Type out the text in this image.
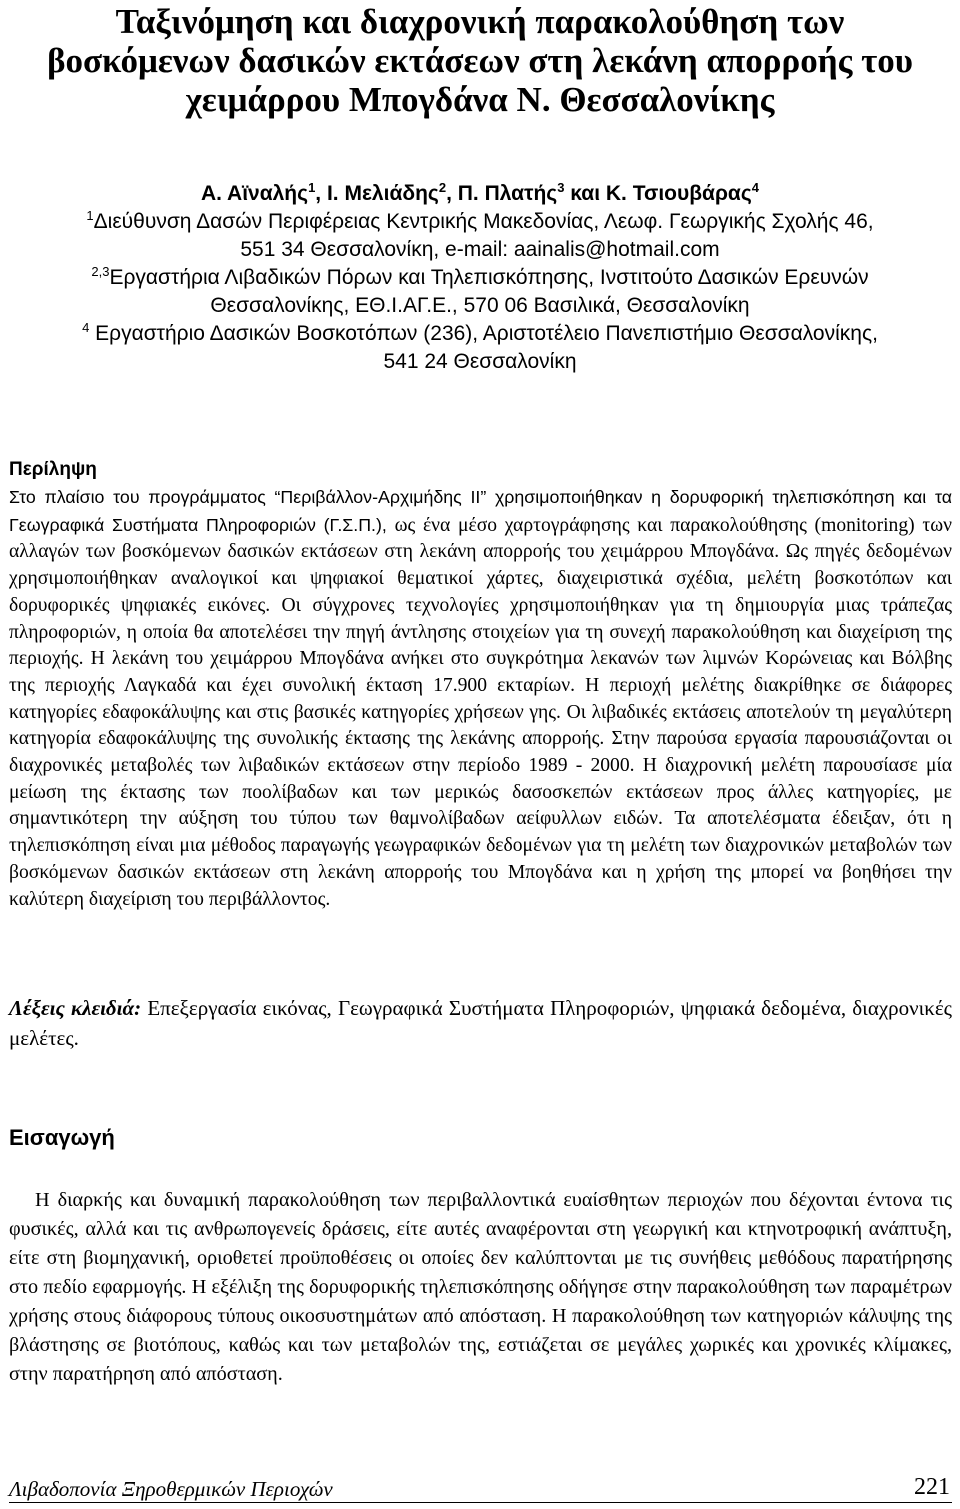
Ταξινόμηση και διαχρονική παρακολούθηση των
βοσκόμενων δασικών εκτάσεων στη λεκάνη απορροής του
χειμάρρου Μπογδάνα Ν. Θεσσαλονίκης
Α. Αϊναλής$^1$, Ι. Μελιάδης$^2$, Π. Πλατής$^3$ και Κ. Τσιουβάρας$^4$
$^1$Διεύθυνση Δασών Περιφέρειας Κεντρικής Μακεδονίας, Λεωφ. Γεωργικής Σχολής 46,
551 34 Θεσσαλονίκη, e-mail: aainalis@hotmail.com
$^{2,3}$Εργαστήρια Λιβαδικών Πόρων και Τηλεπισκόπησης, Ινστιτούτο Δασικών Ερευνών
Θεσσαλονίκης, ΕΘ.Ι.ΑΓ.Ε., 570 06 Βασιλικά, Θεσσαλονίκη
$^4$ Εργαστήριο Δασικών Βοσκοτόπων (236), Αριστοτέλειο Πανεπιστήμιο Θεσσαλονίκης,
541 24 Θεσσαλονίκη
Περίληψη
Στο πλαίσιο του προγράμματος “Περιβάλλον-Αρχιμήδης ΙΙ” χρησιμοποιήθηκαν η δορυφορική τηλεπισκόπηση και τα Γεωγραφικά Συστήματα Πληροφοριών (Γ.Σ.Π.), ως ένα μέσο χαρτογράφησης και παρακολούθησης (monitoring) των αλλαγών των βοσκόμενων δασικών εκτάσεων στη λεκάνη απορροής του χειμάρρου Μπογδάνα. Ως πηγές δεδομένων χρησιμοποιήθηκαν αναλογικοί και ψηφιακοί θεματικοί χάρτες, διαχειριστικά σχέδια, μελέτη βοσκοτόπων και δορυφορικές ψηφιακές εικόνες. Οι σύγχρονες τεχνολογίες χρησιμοποιήθηκαν για τη δημιουργία μιας τράπεζας πληροφοριών, η οποία θα αποτελέσει την πηγή άντλησης στοιχείων για τη συνεχή παρακολούθηση και διαχείριση της περιοχής. Η λεκάνη του χειμάρρου Μπογδάνα ανήκει στο συγκρότημα λεκανών των λιμνών Κορώνειας και Βόλβης της περιοχής Λαγκαδά και έχει συνολική έκταση 17.900 εκταρίων. Η περιοχή μελέτης διακρίθηκε σε διάφορες κατηγορίες εδαφοκάλυψης και στις βασικές κατηγορίες χρήσεων γης. Οι λιβαδικές εκτάσεις αποτελούν τη μεγαλύτερη κατηγορία εδαφοκάλυψης της συνολικής έκτασης της λεκάνης απορροής. Στην παρούσα εργασία παρουσιάζονται οι διαχρονικές μεταβολές των λιβαδικών εκτάσεων στην περίοδο 1989 - 2000. Η διαχρονική μελέτη παρουσίασε μία μείωση της έκτασης των ποολίβαδων και των μερικώς δασοσκεπών εκτάσεων προς άλλες κατηγορίες, με σημαντικότερη την αύξηση του τύπου των θαμνολίβαδων αείφυλλων ειδών. Τα αποτελέσματα έδειξαν, ότι η τηλεπισκόπηση είναι μια μέθοδος παραγωγής γεωγραφικών δεδομένων για τη μελέτη των διαχρονικών μεταβολών των βοσκόμενων δασικών εκτάσεων στη λεκάνη απορροής του Μπογδάνα και η χρήση της μπορεί να βοηθήσει την καλύτερη διαχείριση του περιβάλλοντος.
Λέξεις κλειδιά: Επεξεργασία εικόνας, Γεωγραφικά Συστήματα Πληροφοριών, ψηφιακά δεδομένα, διαχρονικές μελέτες.
Εισαγωγή
Η διαρκής και δυναμική παρακολούθηση των περιβαλλοντικά ευαίσθητων περιοχών που δέχονται έντονα τις φυσικές, αλλά και τις ανθρωπογενείς δράσεις, είτε αυτές αναφέρονται στη γεωργική και κτηνοτροφική ανάπτυξη, είτε στη βιομηχανική, οριοθετεί προϋποθέσεις οι οποίες δεν καλύπτονται με τις συνήθεις μεθόδους παρατήρησης στο πεδίο εφαρμογής. Η εξέλιξη της δορυφορικής τηλεπισκόπησης οδήγησε στην παρακολούθηση των παραμέτρων χρήσης στους διάφορους τύπους οικοσυστημάτων από απόσταση. Η παρακολούθηση των κατηγοριών κάλυψης της βλάστησης σε βιοτόπους, καθώς και των μεταβολών της, εστιάζεται σε μεγάλες χωρικές και χρονικές κλίμακες, στην παρατήρηση από απόσταση.
Λιβαδοπονία Ξηροθερμικών Περιοχών	221
